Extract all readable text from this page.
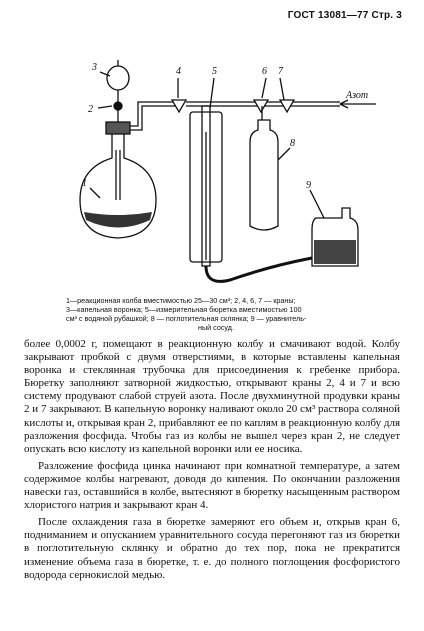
ГОСТ 13081—77 Стр. 3
3
2
1
4	5	6 7
8
9
Азот
1—реакционная колба вместимостью 25—30 см³; 2, 4, 6, 7 — краны;
3—капельная воронка; 5—измерительная бюретка вместимостью 100
см³ с водяной рубашкой; 8 — поглотительная склянка; 9 — уравнитель-
ный сосуд.

более 0,0002 г, помещают в реакционную колбу и смачивают водой. Колбу закрывают пробкой с двумя отверстиями, в которые вставлены капельная воронка и стеклянная трубочка для присоединения к гребенке прибора. Бюретку заполняют затворной жидкостью, открывают краны 2, 4 и 7 и всю систему продувают слабой струей азота. После двухминутной продувки краны 2 и 7 закрывают. В капельную воронку наливают около 20 см³ раствора соляной кислоты и, открывая кран 2, прибавляют ее по каплям в реакционную колбу для разложения фосфида. Чтобы газ из колбы не вышел через кран 2, не следует опускать всю кислоту из капельной воронки или ее носика.

Разложение фосфида цинка начинают при комнатной температуре, а затем содержимое колбы нагревают, доводя до кипения. По окончании разложения навески газ, оставшийся в колбе, вытесняют в бюретку насыщенным раствором хлористого натрия и закрывают кран 4.

После охлаждения газа в бюретке замеряют его объем и, открыв кран 6, подниманием и опусканием уравнительного сосуда перегоняют газ из бюретки в поглотительную склянку и обратно до тех пор, пока не прекратится изменение объема газа в бюретке, т. е. до полного поглощения фосфористого водорода сернокислой медью.
